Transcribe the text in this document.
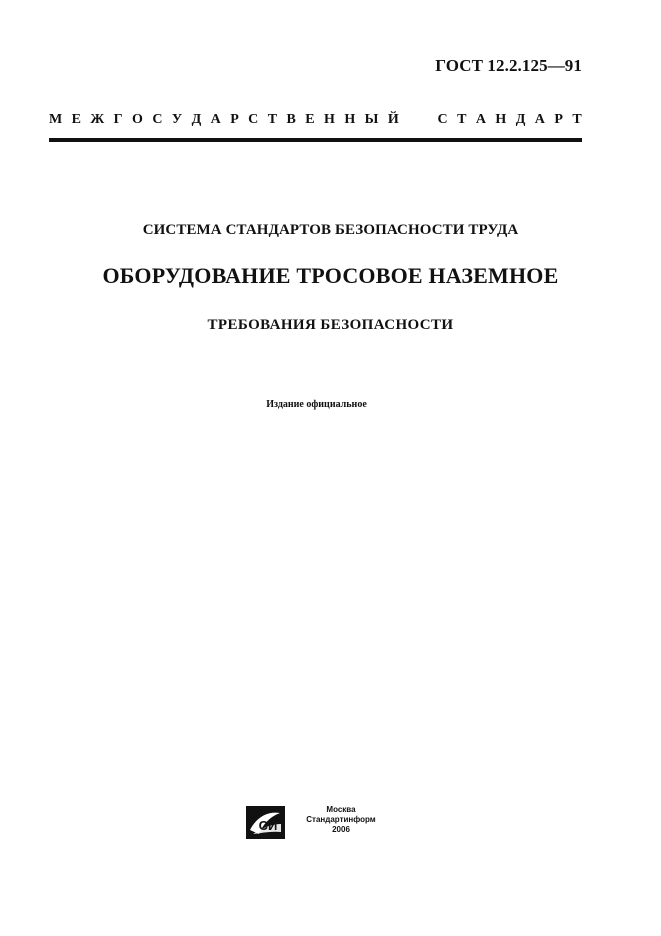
ГОСТ 12.2.125—91
М Е Ж Г О С У Д А Р С Т В Е Н Н Ы Й	С Т А Н Д А Р Т
СИСТЕМА СТАНДАРТОВ БЕЗОПАСНОСТИ ТРУДА
ОБОРУДОВАНИЕ ТРОСОВОЕ НАЗЕМНОЕ
ТРЕБОВАНИЯ БЕЗОПАСНОСТИ
Издание официальное
СИ
Москва
Стандартинформ
2006
